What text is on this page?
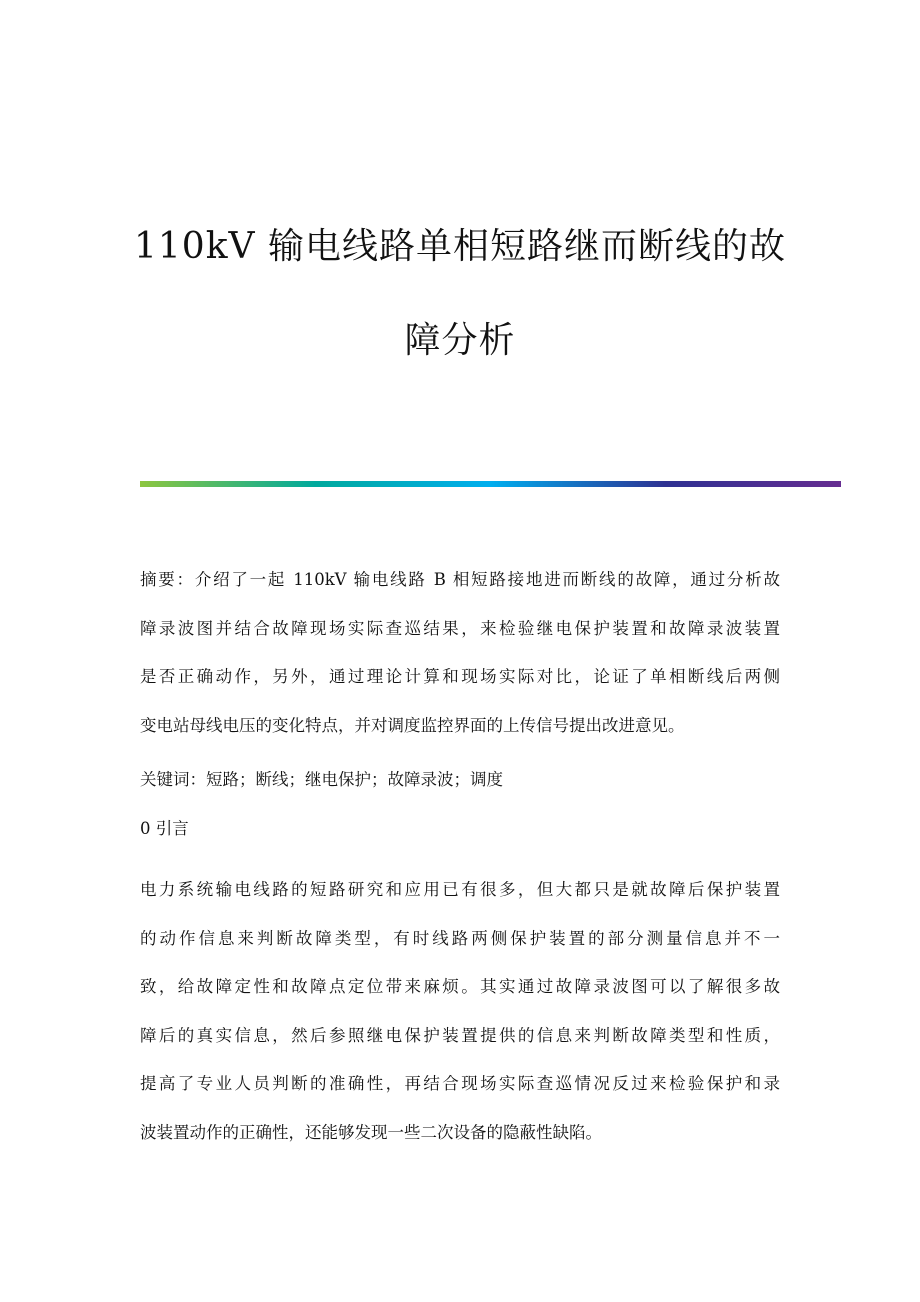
110kV 输电线路单相短路继而断线的故
障分析
摘要：介绍了一起 110kV 输电线路 B 相短路接地进而断线的故障，通过分析故
障录波图并结合故障现场实际查巡结果，来检验继电保护装置和故障录波装置
是否正确动作，另外，通过理论计算和现场实际对比，论证了单相断线后两侧
变电站母线电压的变化特点，并对调度监控界面的上传信号提出改进意见。
关键词：短路；断线；继电保护；故障录波；调度
0 引言
电力系统输电线路的短路研究和应用已有很多，但大都只是就故障后保护装置
的动作信息来判断故障类型，有时线路两侧保护装置的部分测量信息并不一
致，给故障定性和故障点定位带来麻烦。其实通过故障录波图可以了解很多故
障后的真实信息，然后参照继电保护装置提供的信息来判断故障类型和性质，
提高了专业人员判断的准确性，再结合现场实际查巡情况反过来检验保护和录
波装置动作的正确性，还能够发现一些二次设备的隐蔽性缺陷。
